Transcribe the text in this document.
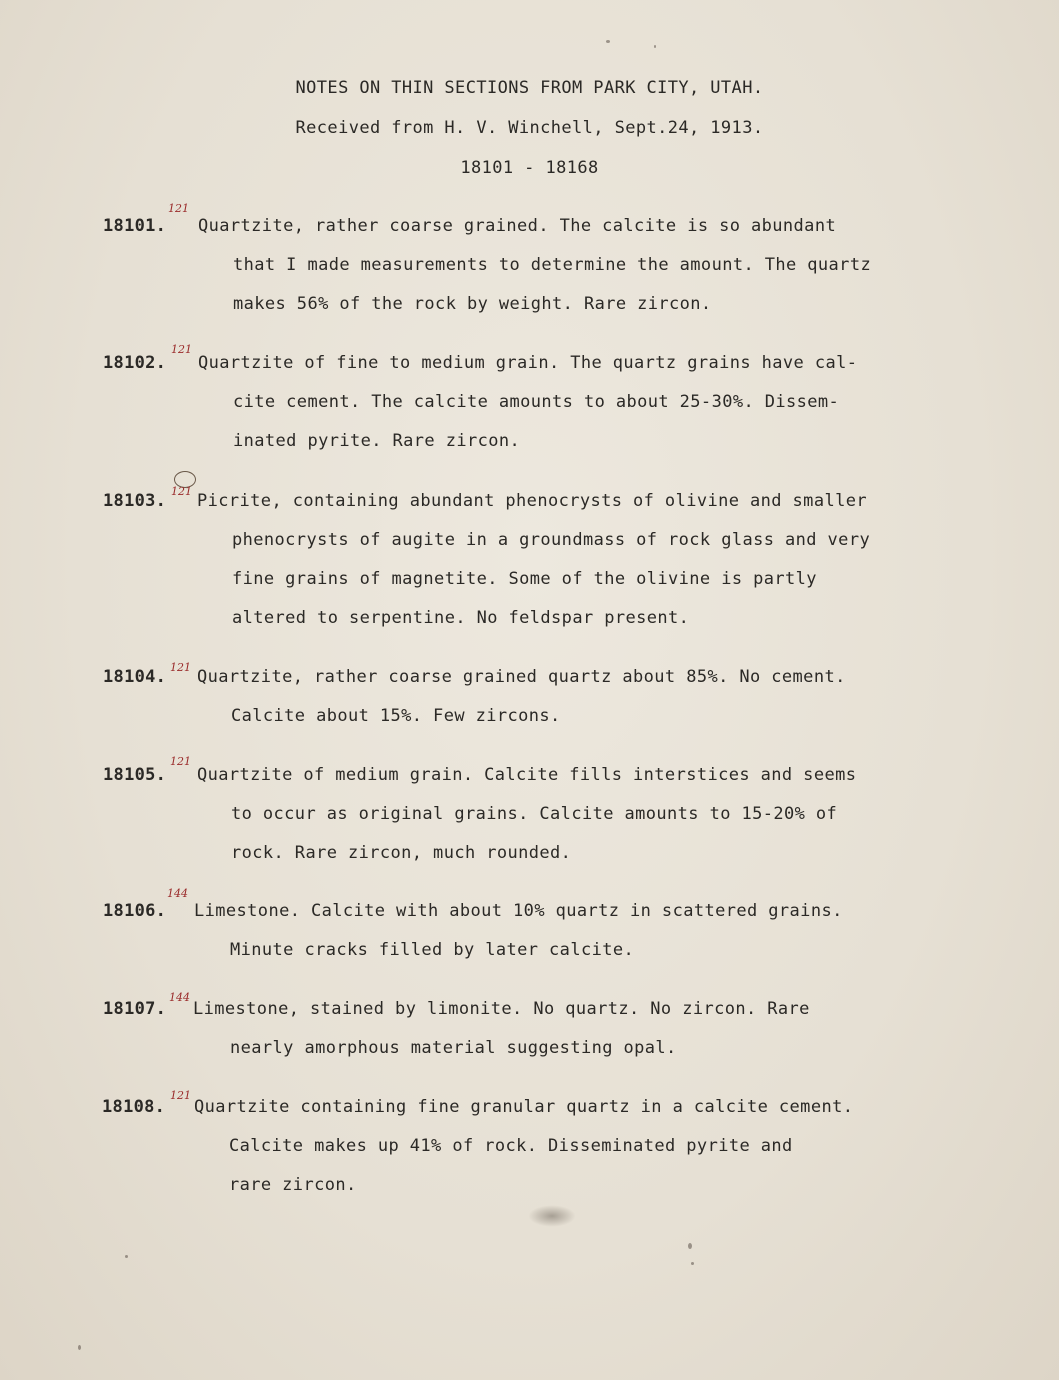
NOTES ON THIN SECTIONS FROM PARK CITY, UTAH.
Received from H. V. Winchell, Sept.24, 1913.
18101 - 18168
18101.
121
Quartzite, rather coarse grained. The calcite is so abundant
that I made measurements to determine the amount. The quartz
makes 56% of the rock by weight. Rare zircon.
18102.
121
Quartzite of fine to medium grain. The quartz grains have cal-
cite cement. The calcite amounts to about 25-30%. Dissem-
inated pyrite. Rare zircon.
18103. 121 Picrite, containing abundant phenocrysts of olivine and smaller
phenocrysts of augite in a groundmass of rock glass and very
fine grains of magnetite. Some of the olivine is partly
altered to serpentine. No feldspar present.
18104. 121 Quartzite, rather coarse grained quartz about 85%. No cement.
Calcite about 15%. Few zircons.
18105.
121
Quartzite of medium grain. Calcite fills interstices and seems
to occur as original grains. Calcite amounts to 15-20% of
rock. Rare zircon, much rounded.
18106.
144
Limestone. Calcite with about 10% quartz in scattered grains.
Minute cracks filled by later calcite.
18107.
144
Limestone, stained by limonite. No quartz. No zircon. Rare
nearly amorphous material suggesting opal.
18108.
121
Quartzite containing fine granular quartz in a calcite cement.
Calcite makes up 41% of rock. Disseminated pyrite and
rare zircon.
